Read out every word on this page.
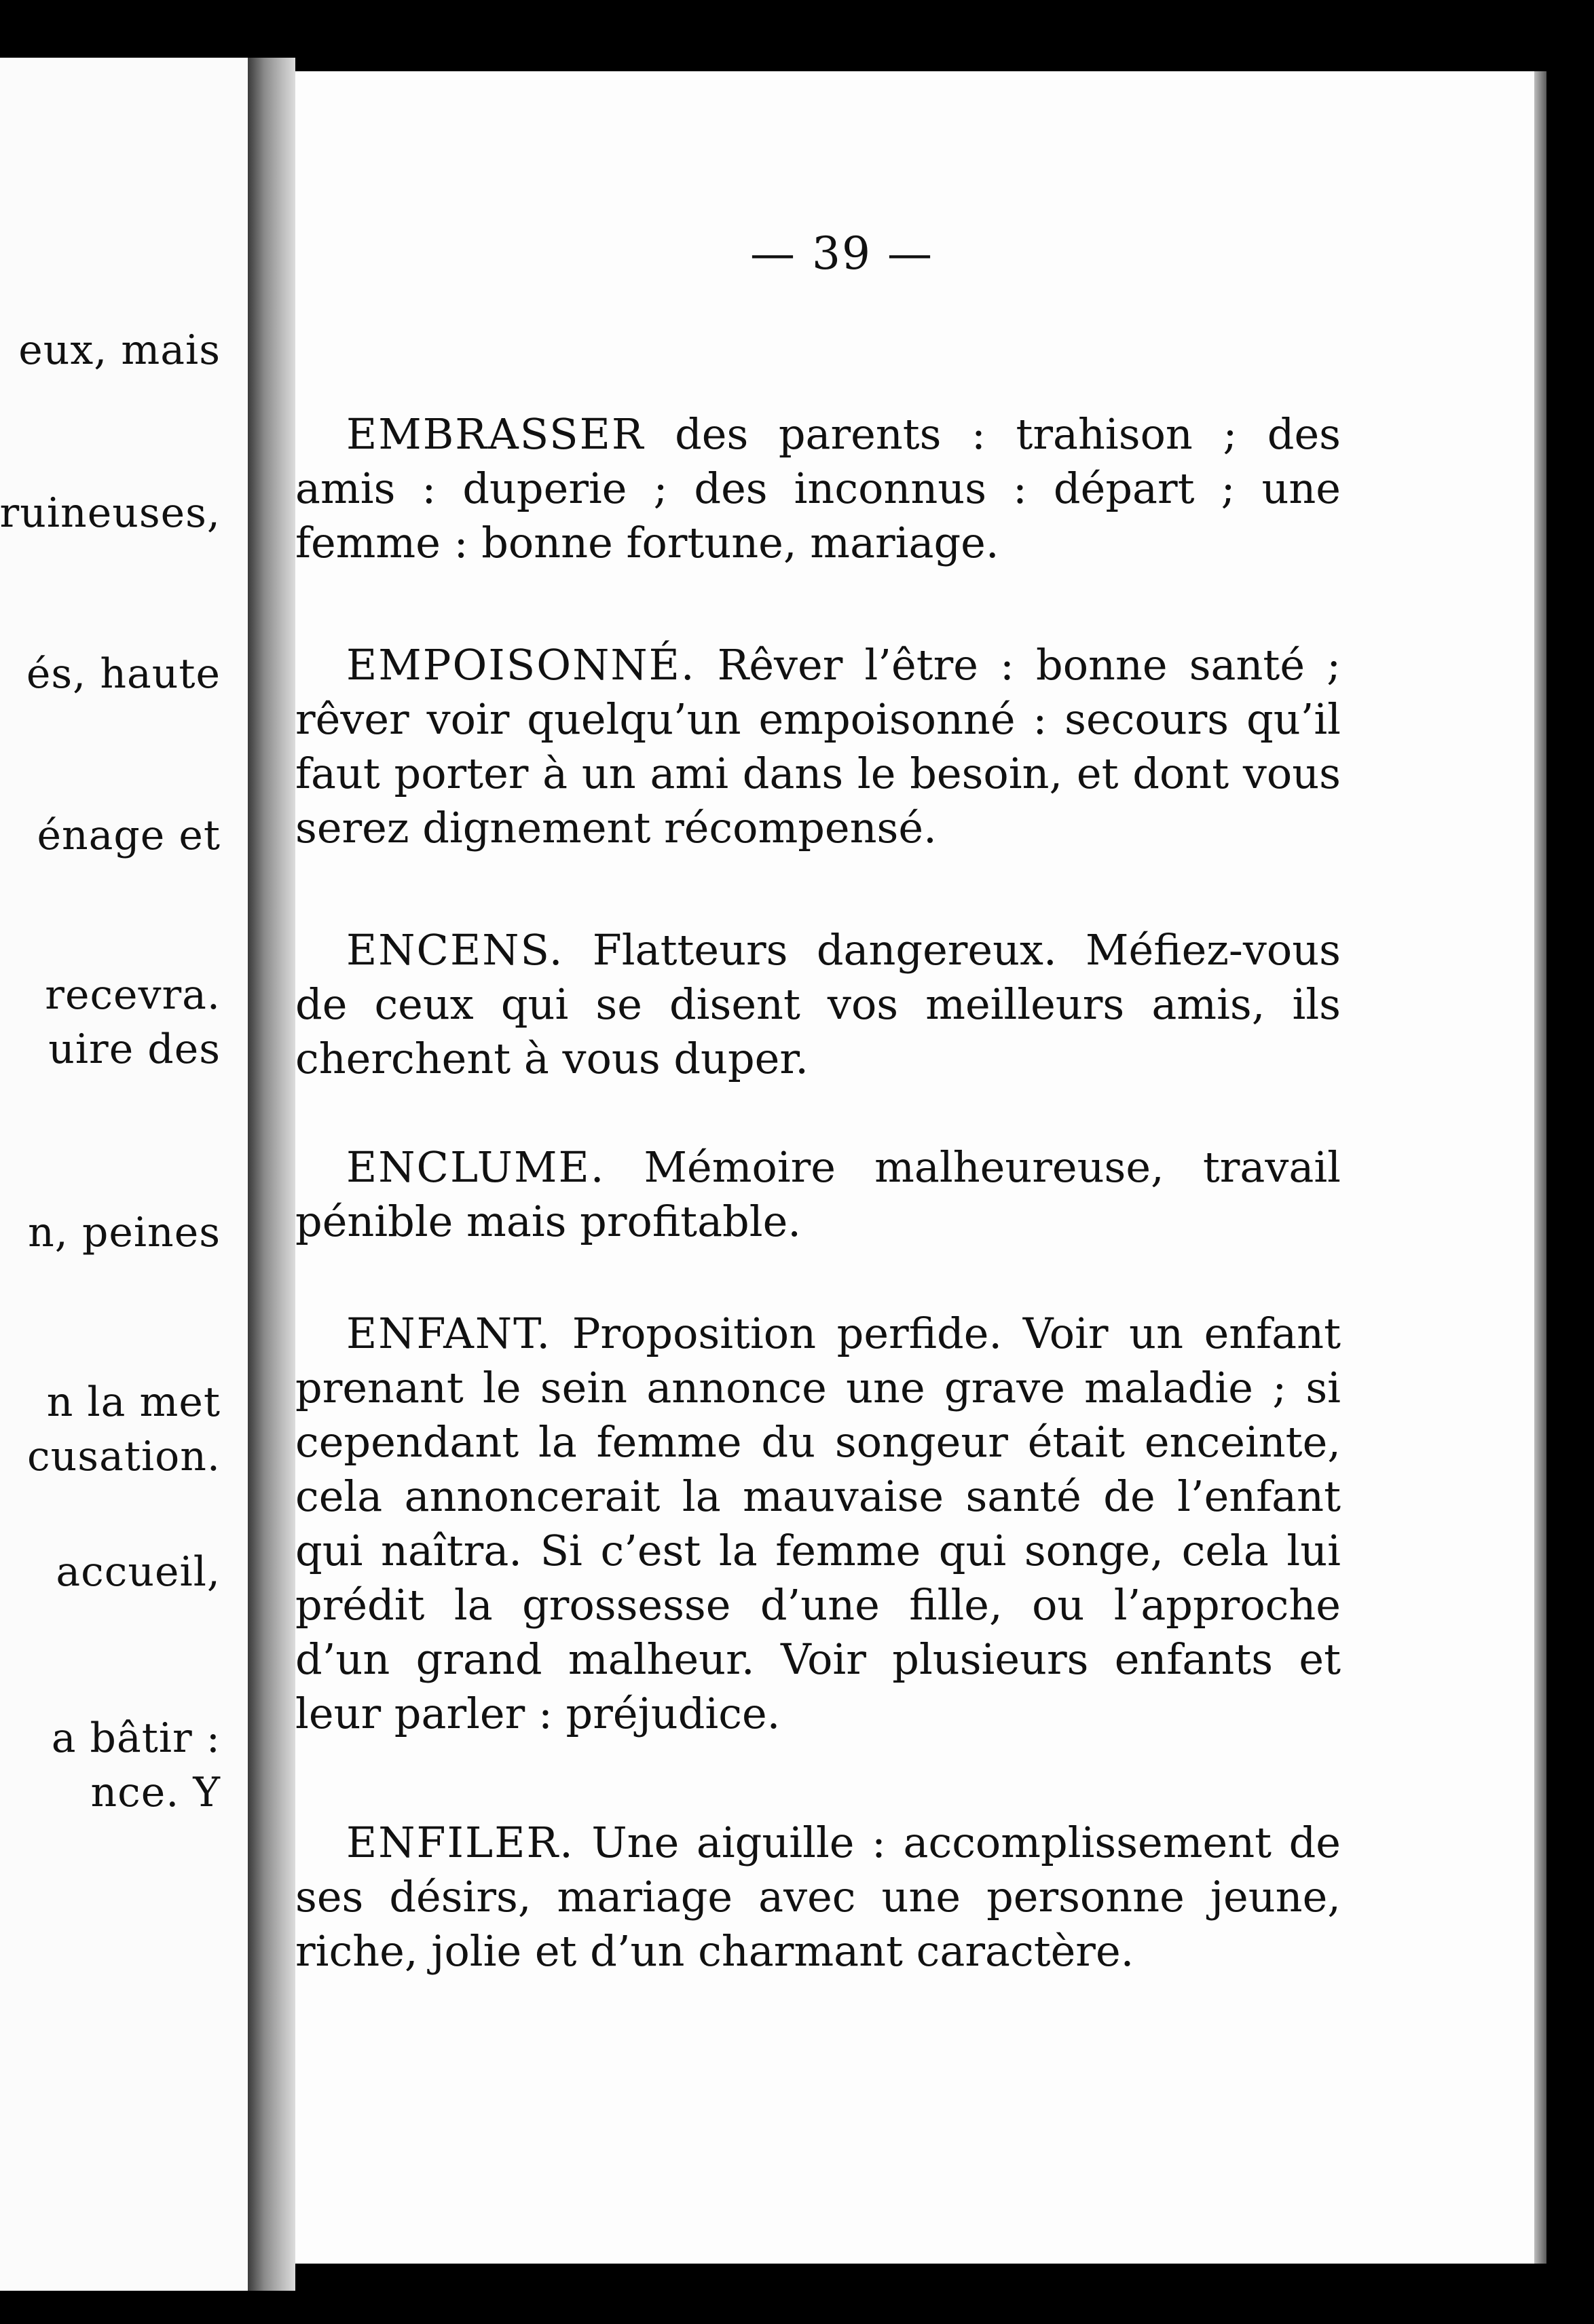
eux, mais
ruineuses,
és, haute
énage et
recevra.
uire des
n, peines
n la met
cusation.
accueil,
a bâtir :
nce. Y
— 39 —

EMBRASSER des parents : trahison ; des amis : duperie ; des inconnus : départ ; une femme : bonne fortune, mariage.

EMPOISONNÉ. Rêver l’être : bonne santé ; rêver voir quelqu’un empoisonné : secours qu’il faut porter à un ami dans le besoin, et dont vous serez dignement récompensé.

ENCENS. Flatteurs dangereux. Méfiez-vous de ceux qui se disent vos meilleurs amis, ils cherchent à vous duper.

ENCLUME. Mémoire malheureuse, travail pénible mais profitable.

ENFANT. Proposition perfide. Voir un enfant prenant le sein annonce une grave maladie ; si cependant la femme du songeur était enceinte, cela annoncerait la mauvaise santé de l’enfant qui naîtra. Si c’est la femme qui songe, cela lui prédit la grossesse d’une fille, ou l’approche d’un grand malheur. Voir plusieurs enfants et leur parler : préjudice.

ENFILER. Une aiguille : accomplissement de ses désirs, mariage avec une personne jeune, riche, jolie et d’un charmant caractère.
